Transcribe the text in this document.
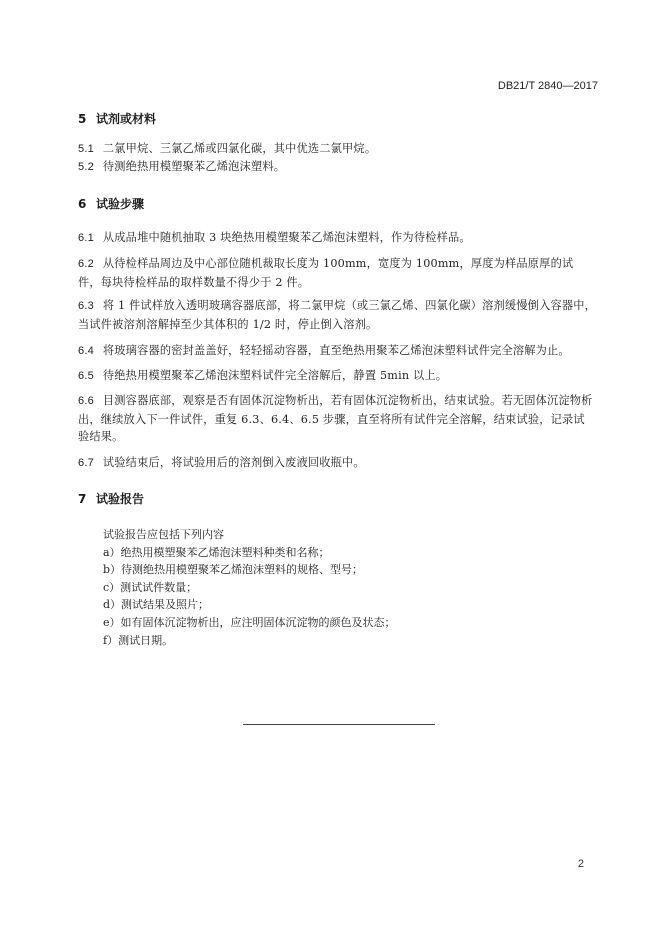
DB21/T 2840—2017
5 试剂或材料
5.1 二氯甲烷、三氯乙烯或四氯化碳，其中优选二氯甲烷。
5.2 待测绝热用模塑聚苯乙烯泡沫塑料。
6 试验步骤
6.1 从成品堆中随机抽取 3 块绝热用模塑聚苯乙烯泡沫塑料，作为待检样品。
6.2 从待检样品周边及中心部位随机裁取长度为 100mm，宽度为 100mm，厚度为样品原厚的试件，每块待检样品的取样数量不得少于 2 件。
6.3 将 1 件试样放入透明玻璃容器底部，将二氯甲烷（或三氯乙烯、四氯化碳）溶剂缓慢倒入容器中，当试件被溶剂溶解掉至少其体积的 1/2 时，停止倒入溶剂。
6.4 将玻璃容器的密封盖盖好，轻轻摇动容器，直至绝热用聚苯乙烯泡沫塑料试件完全溶解为止。
6.5 待绝热用模塑聚苯乙烯泡沫塑料试件完全溶解后，静置 5min 以上。
6.6 目测容器底部，观察是否有固体沉淀物析出，若有固体沉淀物析出，结束试验。若无固体沉淀物析出，继续放入下一件试件，重复 6.3、6.4、6.5 步骤，直至将所有试件完全溶解，结束试验，记录试验结果。
6.7 试验结束后，将试验用后的溶剂倒入废液回收瓶中。
7 试验报告
试验报告应包括下列内容
a）绝热用模塑聚苯乙烯泡沫塑料种类和名称；
b）待测绝热用模塑聚苯乙烯泡沫塑料的规格、型号；
c）测试试件数量；
d）测试结果及照片；
e）如有固体沉淀物析出，应注明固体沉淀物的颜色及状态；
f）测试日期。
2
